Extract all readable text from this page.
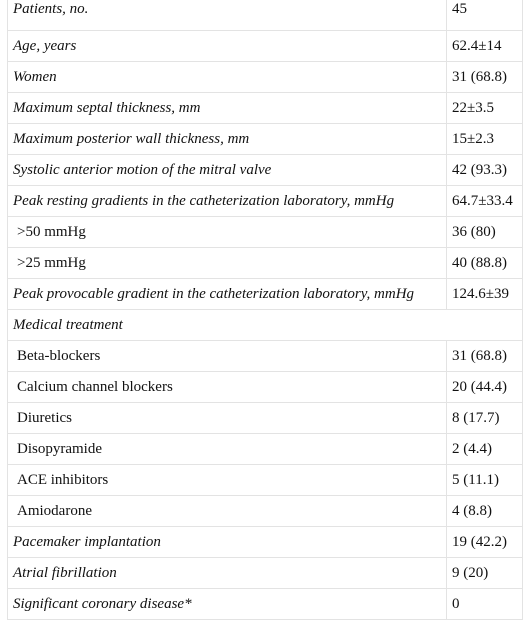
Patients, no.	45
Age, years	62.4±14
Women	31 (68.8)
Maximum septal thickness, mm	22±3.5
Maximum posterior wall thickness, mm	15±2.3
Systolic anterior motion of the mitral valve	42 (93.3)
Peak resting gradients in the catheterization laboratory, mmHg	64.7±33.4
>50 mmHg	36 (80)
>25 mmHg	40 (88.8)
Peak provocable gradient in the catheterization laboratory, mmHg	124.6±39
Medical treatment	
Beta-blockers	31 (68.8)
Calcium channel blockers	20 (44.4)
Diuretics	8 (17.7)
Disopyramide	2 (4.4)
ACE inhibitors	5 (11.1)
Amiodarone	4 (8.8)
Pacemaker implantation	19 (42.2)
Atrial fibrillation	9 (20)
Significant coronary disease*	0
